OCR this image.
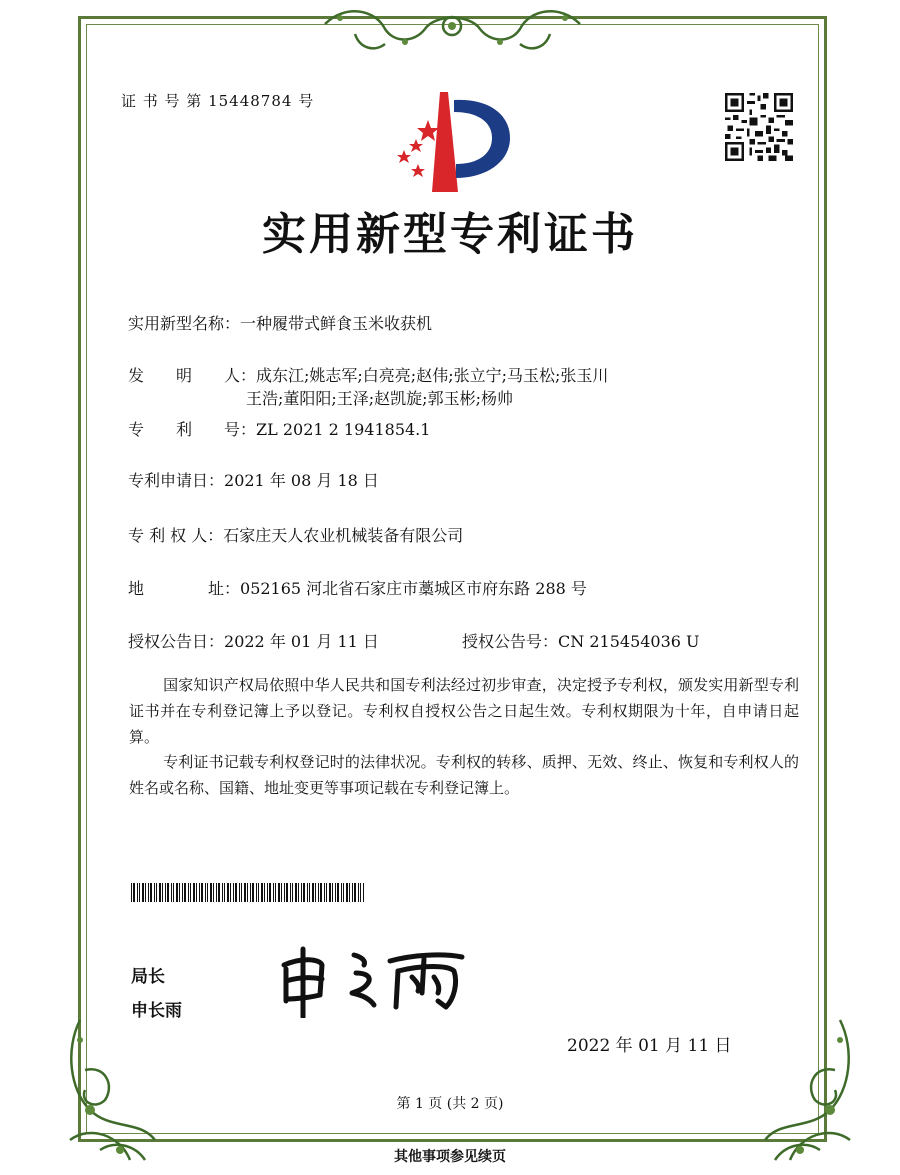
证 书 号 第 15448784 号
实用新型专利证书
实用新型名称：一种履带式鲜食玉米收获机
发　　明　　人：成东江;姚志军;白亮亮;赵伟;张立宁;马玉松;张玉川
王浩;董阳阳;王泽;赵凯旋;郭玉彬;杨帅
专　　利　　号：ZL 2021 2 1941854.1
专利申请日：2021 年 08 月 18 日
专 利 权 人：石家庄天人农业机械装备有限公司
地　　　　址：052165 河北省石家庄市藁城区市府东路 288 号
授权公告日：2022 年 01 月 11 日	授权公告号：CN 215454036 U
国家知识产权局依照中华人民共和国专利法经过初步审查，决定授予专利权，颁发实用新型专利证书并在专利登记簿上予以登记。专利权自授权公告之日起生效。专利权期限为十年，自申请日起算。
专利证书记载专利权登记时的法律状况。专利权的转移、质押、无效、终止、恢复和专利权人的姓名或名称、国籍、地址变更等事项记载在专利登记簿上。
局长
申长雨
2022 年 01 月 11 日
第 1 页 (共 2 页)
其他事项参见续页
